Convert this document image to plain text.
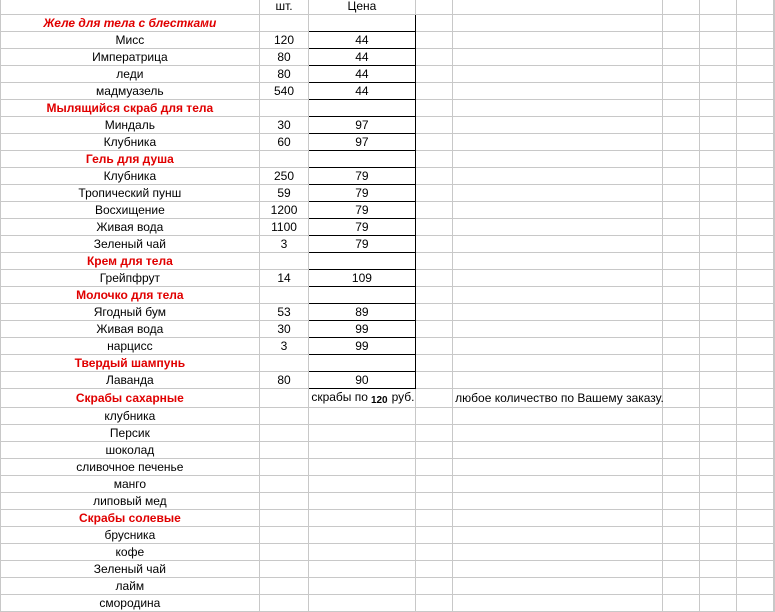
	шт.	Цена						
Желе для тела с блестками								
Мисс	120	44						
Императрица	80	44						
леди	80	44						
мадмуазель	540	44						
Мылящийся скраб для тела								
Миндаль	30	97						
Клубника	60	97						
Гель для душа								
Клубника	250	79						
Тропический пунш	59	79						
Восхищение	1200	79						
Живая вода	1100	79						
Зеленый чай	3	79						
Крем для тела								
Грейпфрут	14	109						
Молочко для тела								
Ягодный бум	53	89						
Живая вода	30	99						
нарцисс	3	99						
Твердый шампунь								
Лаванда	80	90						
Скрабы сахарные		скрабы по 120 руб.		любое количество по Вашему заказу.				
клубника								
Персик								
шоколад								
сливочное печенье								
манго								
липовый мед								
Скрабы солевые								
брусника								
кофе								
Зеленый чай								
лайм								
смородина								
